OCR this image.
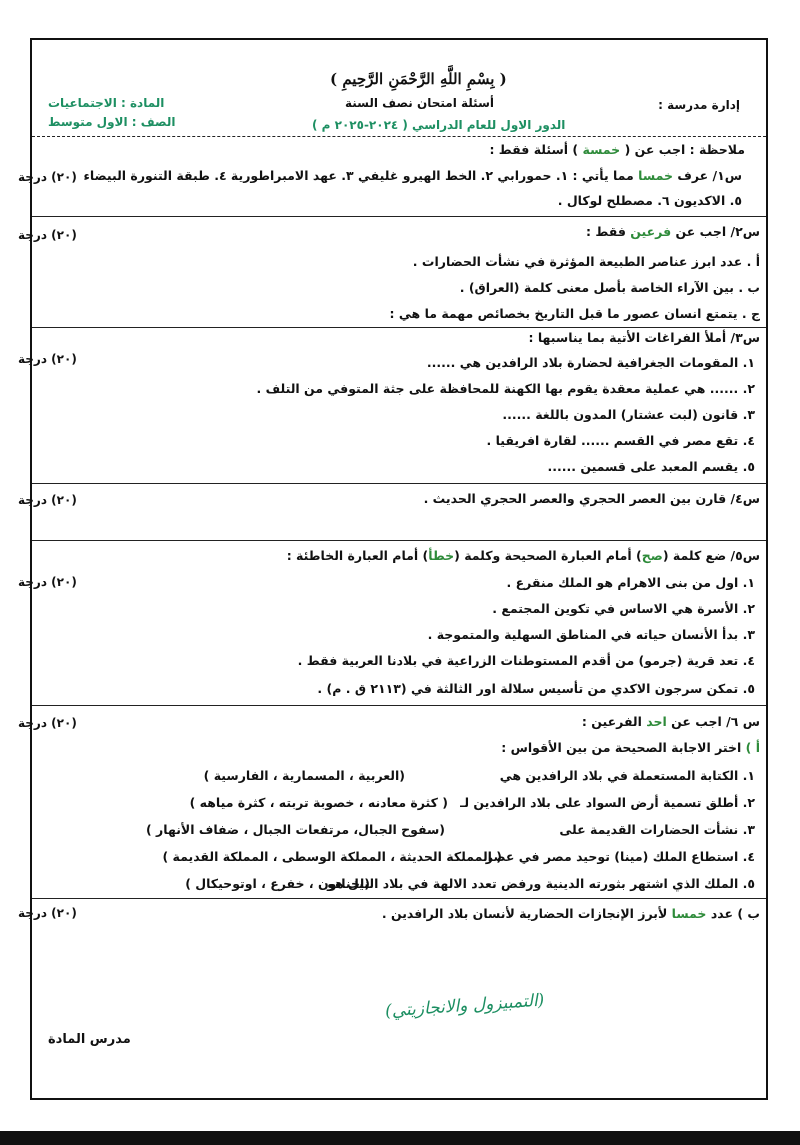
( بِسْمِ اللَّهِ الرَّحْمَنِ الرَّحِيمِ )
إدارة مدرسة :
أسئلة امتحان نصف السنة
الدور الاول للعام الدراسي ( ٢٠٢٤-٢٠٢٥ م )
المادة : الاجتماعيات
الصف : الاول متوسط
ملاحظة : اجب عن ( خمسة ) أسئلة فقط :
س١/ عرف خمسا مما يأتي : ١. حمورابي ٢. الخط الهيرو غليفي ٣. عهد الامبراطورية ٤. طبقة التنورة البيضاء
(٢٠) درجة
٥. الاكديون ٦. مصطلح لوكال .
س٢/ اجب عن فرعين فقط :
(٢٠) درجة
أ . عدد ابرز عناصر الطبيعة المؤثرة في نشأت الحضارات .
ب . بين الآراء الخاصة بأصل معنى كلمة (العراق) .
ج . يتمتع انسان عصور ما قبل التاريخ بخصائص مهمة ما هي :
س٣/ أملأ الفراغات الأتية بما يناسبها :
(٢٠) درجة	١. المقومات الجغرافية لحضارة بلاد الرافدين هي ......
٢. ...... هي عملية معقدة يقوم بها الكهنة للمحافظة على جثة المتوفي من التلف .
٣. قانون (لبت عشتار) المدون باللغة ......
٤. تقع مصر في القسم ...... لقارة افريقيا .
٥. يقسم المعبد على قسمين ......
س٤/ قارن بين العصر الحجري والعصر الحجري الحديث .
(٢٠) درجة
س٥/ ضع كلمة (صح) أمام العبارة الصحيحة وكلمة (خطأ) أمام العبارة الخاطئة :
(٢٠) درجة	١. اول من بنى الاهرام هو الملك منقرع .
٢. الأسرة هي الاساس في تكوين المجتمع .
٣. بدأ الأنسان حياته في المناطق السهلية والمتموجة .
٤. تعد قرية (جرمو) من أقدم المستوطنات الزراعية في بلادنا العربية فقط .
٥. تمكن سرجون الاكدي من تأسيس سلالة اور الثالثة في (٢١١٣ ق . م) .
س ٦/ اجب عن احد الفرعين :
(٢٠) درجة
أ ) اختر الاجابة الصحيحة من بين الأقواس :
١. الكتابة المستعملة في بلاد الرافدين هي
(العربية ، المسمارية ، الفارسية )
٢. أطلق تسمية أرض السواد على بلاد الرافدين لـ
( كثرة معادنه ، خصوبة تربته ، كثرة مياهه )
٣. نشأت الحضارات القديمة على
(سفوح الجبال، مرتفعات الجبال ، ضفاف الأنهار )
٤. استطاع الملك (مينا) توحيد مصر في عصر
( المملكة الحديثة ، المملكة الوسطى ، المملكة القديمة )
٥. الملك الذي اشتهر بثورته الدينية ورفض تعدد الالهة في بلاد النيل هو
(اخناتون ، خفرع ، اوتوحيكال )
ب ) عدد خمسا لأبرز الإنجازات الحضارية لأنسان بلاد الرافدين .
(٢٠) درجة
(التمبيزول والانجازيتي)
مدرس المادة
